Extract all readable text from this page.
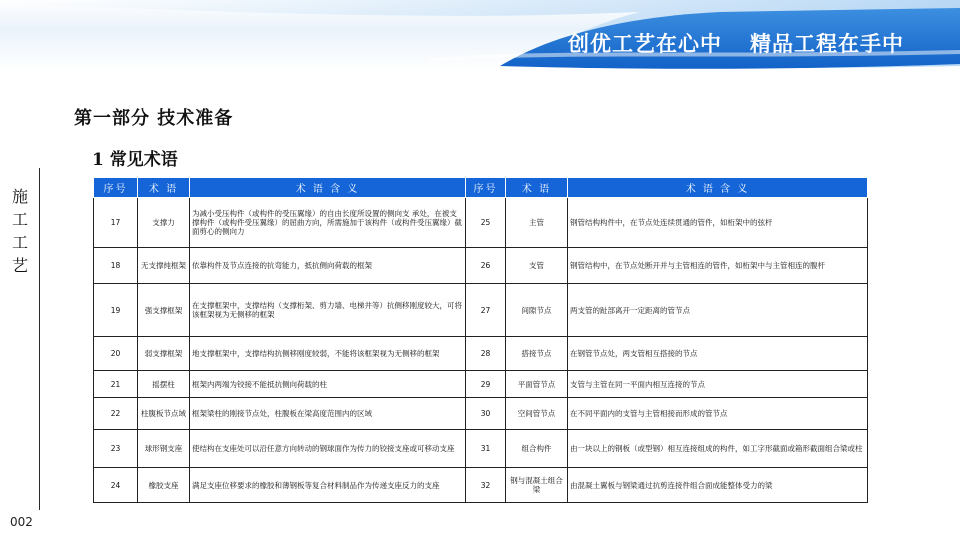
创优工艺在心中 精品工程在手中
施工工艺
002
第一部分 技术准备
1 常见术语
序号	术 语	术 语 含 义	序号	术 语	术 语 含 义
17	支撑力	为减小受压构件（或构件的受压翼缘）的自由长度所设置的侧向支 承处，在被支撑构件（或构件受压翼缘）的屈曲方向，所需施加于该构件（或构件受压翼缘）截面剪心的侧向力	25	主管	钢管结构构件中，在节点处连续贯通的管件，如桁架中的弦杆
18	无支撑纯框架	依靠构件及节点连接的抗弯能力，抵抗侧向荷载的框架	26	支管	钢管结构中，在节点处断开并与主管相连的管件，如桁架中与主管相连的腹杆
19	强支撑框架	在支撑框架中，支撑结构（支撑桁架、剪力墙、电梯井等）抗侧移刚度较大，可将该框架视为无侧移的框架	27	间隙节点	两支管的趾部离开一定距离的管节点
20	弱支撑框架	地支撑框架中，支撑结构抗侧移刚度较弱，不能将该框架视为无侧移的框架	28	搭接节点	在钢管节点处，两支管相互搭接的节点
21	摇摆柱	框架内两端为铰接不能抵抗侧向荷载的柱	29	平面管节点	支管与主管在同一平面内相互连接的节点
22	柱腹板节点域	框架梁柱的刚接节点处，柱腹板在梁高度范围内的区域	30	空间管节点	在不同平面内的支管与主管相接而形成的管节点
23	球形钢支座	使结构在支座处可以沿任意方向转动的钢球面作为传力的铰接支座或可移动支座	31	组合构件	由一块以上的钢板（或型钢）相互连接组成的构件，如工字形截面或箱形截面组合梁或柱
24	橡胶支座	满足支座位移要求的橡胶和薄钢板等复合材料制品作为传递支座反力的支座	32	钢与混凝土组合梁	由混凝土翼板与钢梁通过抗剪连接件组合面成能整体受力的梁
